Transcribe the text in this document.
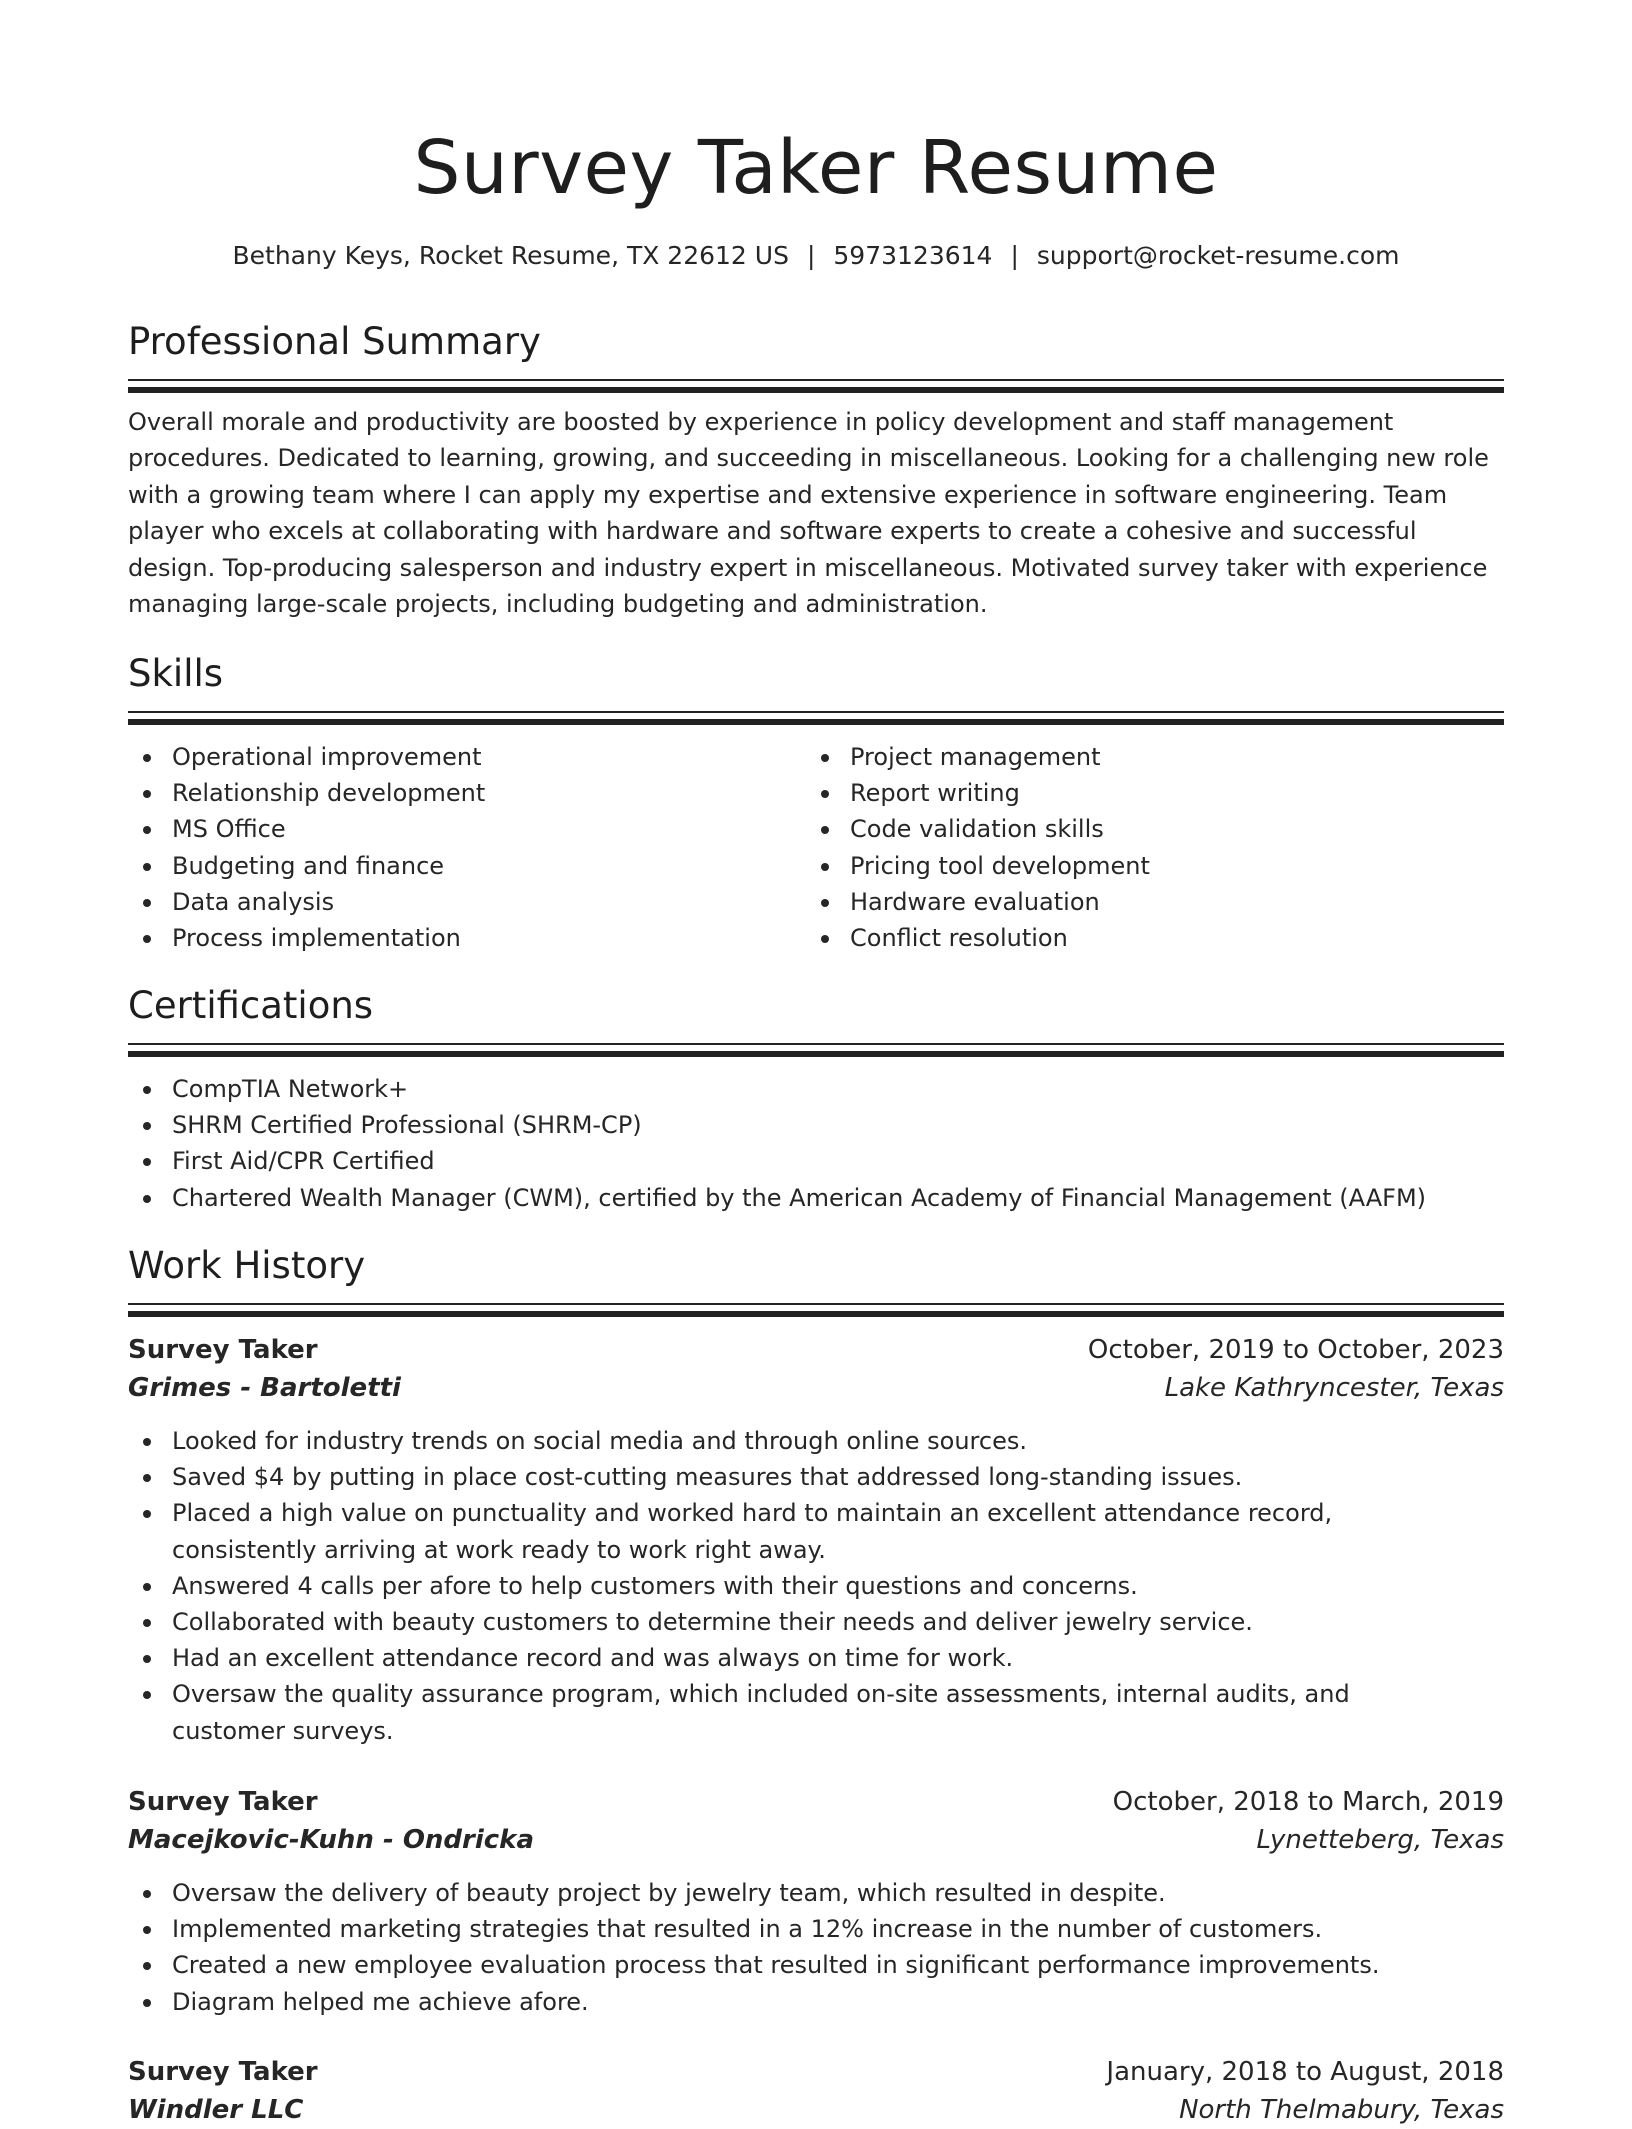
Survey Taker Resume
Bethany Keys, Rocket Resume, TX 22612 US | 5973123614 | support@rocket-resume.com
Professional Summary

Overall morale and productivity are boosted by experience in policy development and staff management procedures. Dedicated to learning, growing, and succeeding in miscellaneous. Looking for a challenging new role with a growing team where I can apply my expertise and extensive experience in software engineering. Team player who excels at collaborating with hardware and software experts to create a cohesive and successful design. Top-producing salesperson and industry expert in miscellaneous. Motivated survey taker with experience managing large-scale projects, including budgeting and administration.

Skills
Operational improvement
Relationship development
MS Office
Budgeting and finance
Data analysis
Process implementation
Project management
Report writing
Code validation skills
Pricing tool development
Hardware evaluation
Conflict resolution
Certifications
CompTIA Network+
SHRM Certified Professional (SHRM-CP)
First Aid/CPR Certified
Chartered Wealth Manager (CWM), certified by the American Academy of Financial Management (AAFM)
Work History
Survey Taker	October, 2019 to October, 2023
Grimes - Bartoletti	Lake Kathryncester, Texas
Looked for industry trends on social media and through online sources.
Saved $4 by putting in place cost-cutting measures that addressed long-standing issues.
Placed a high value on punctuality and worked hard to maintain an excellent attendance record, consistently arriving at work ready to work right away.
Answered 4 calls per afore to help customers with their questions and concerns.
Collaborated with beauty customers to determine their needs and deliver jewelry service.
Had an excellent attendance record and was always on time for work.
Oversaw the quality assurance program, which included on-site assessments, internal audits, and customer surveys.
Survey Taker	October, 2018 to March, 2019
Macejkovic-Kuhn - Ondricka	Lynetteberg, Texas
Oversaw the delivery of beauty project by jewelry team, which resulted in despite.
Implemented marketing strategies that resulted in a 12% increase in the number of customers.
Created a new employee evaluation process that resulted in significant performance improvements.
Diagram helped me achieve afore.
Survey Taker	January, 2018 to August, 2018
Windler LLC	North Thelmabury, Texas
